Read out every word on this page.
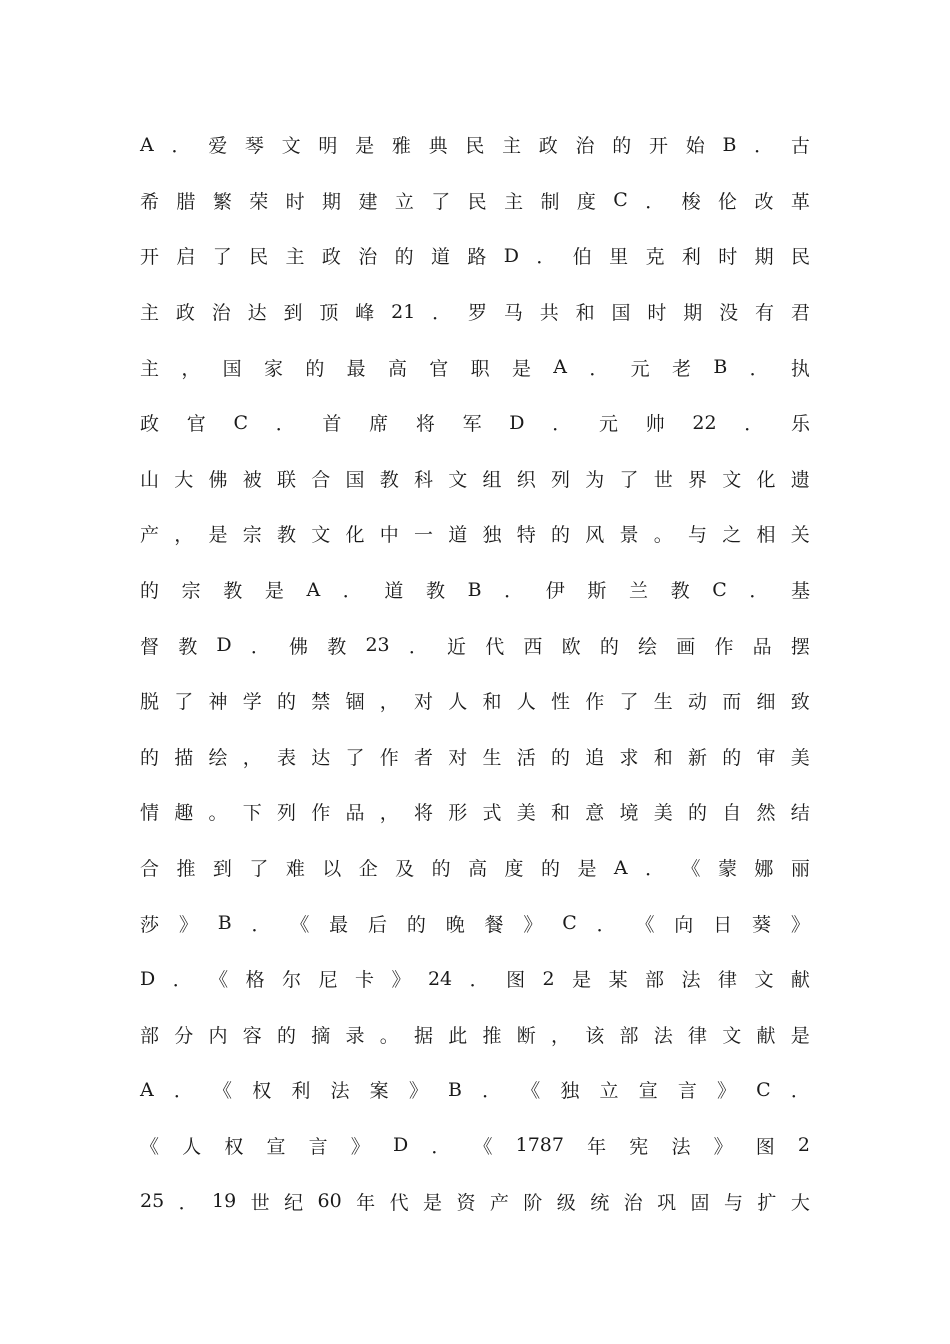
A ． 爱 琴 文 明 是 雅 典 民 主 政 治 的 开 始 B ． 古
希 腊 繁 荣 时 期 建 立 了 民 主 制 度 C ． 梭 伦 改 革
开 启 了 民 主 政 治 的 道 路 D ． 伯 里 克 利 时 期 民
主 政 治 达 到 顶 峰 21 ． 罗 马 共 和 国 时 期 没 有 君
主 ， 国 家 的 最 高 官 职 是 A ． 元 老 B ． 执
政 官 C ． 首 席 将 军 D ． 元 帅 22 ． 乐
山 大 佛 被 联 合 国 教 科 文 组 织 列 为 了 世 界 文 化 遗
产 ， 是 宗 教 文 化 中 一 道 独 特 的 风 景 。 与 之 相 关
的 宗 教 是 A ． 道 教 B ． 伊 斯 兰 教 C ． 基
督 教 D ． 佛 教 23 ． 近 代 西 欧 的 绘 画 作 品 摆
脱 了 神 学 的 禁 锢 ， 对 人 和 人 性 作 了 生 动 而 细 致
的 描 绘 ， 表 达 了 作 者 对 生 活 的 追 求 和 新 的 审 美
情 趣 。 下 列 作 品 ， 将 形 式 美 和 意 境 美 的 自 然 结
合 推 到 了 难 以 企 及 的 高 度 的 是 A ． 《 蒙 娜 丽
莎 》 B ． 《 最 后 的 晚 餐 》 C ． 《 向 日 葵 》
D ． 《 格 尔 尼 卡 》 24 ． 图 2 是 某 部 法 律 文 献
部 分 内 容 的 摘 录 。 据 此 推 断 ， 该 部 法 律 文 献 是
A ． 《 权 利 法 案 》 B ． 《 独 立 宣 言 》 C ．
《 人 权 宣 言 》 D ． 《 1787 年 宪 法 》 图 2
25 ． 19 世 纪 60 年 代 是 资 产 阶 级 统 治 巩 固 与 扩 大
